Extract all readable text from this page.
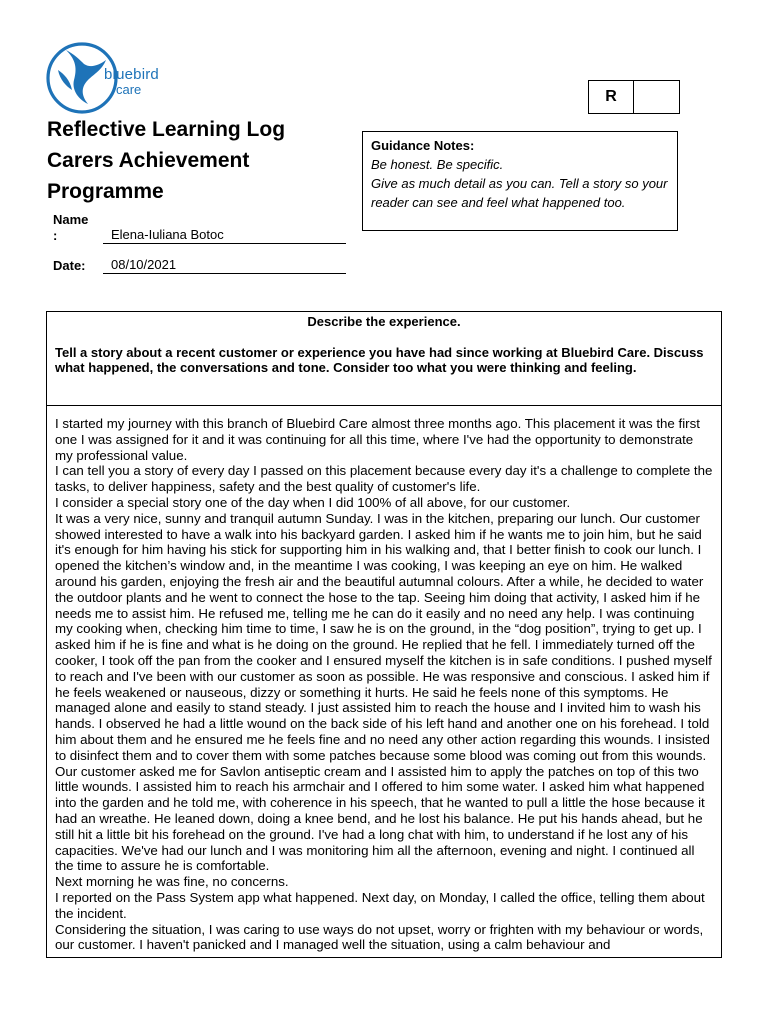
bluebird
care	R
Reflective Learning Log
Carers Achievement
Programme
Guidance Notes:
Be honest. Be specific.
Give as much detail as you can. Tell a story so your reader can see and feel what happened too.
Name
:	Elena-Iuliana Botoc
Date:	08/10/2021
Describe the experience.
Tell a story about a recent customer or experience you have had since working at Bluebird Care. Discuss what happened, the conversations and tone. Consider too what you were thinking and feeling.

I started my journey with this branch of Bluebird Care almost three months ago. This placement it was the first one I was assigned for it and it was continuing for all this time, where I've had the opportunity to demonstrate my professional value.

I can tell you a story of every day I passed on this placement because every day it's a challenge to complete the tasks, to deliver happiness, safety and the best quality of customer's life.

I consider a special story one of the day when I did 100% of all above, for our customer.

It was a very nice, sunny and tranquil autumn Sunday. I was in the kitchen, preparing our lunch. Our customer showed interested to have a walk into his backyard garden. I asked him if he wants me to join him, but he said it's enough for him having his stick for supporting him in his walking and, that I better finish to cook our lunch. I opened the kitchen’s window and, in the meantime I was cooking, I was keeping an eye on him. He walked around his garden, enjoying the fresh air and the beautiful autumnal colours. After a while, he decided to water the outdoor plants and he went to connect the hose to the tap. Seeing him doing that activity, I asked him if he needs me to assist him. He refused me, telling me he can do it easily and no need any help. I was continuing my cooking when, checking him time to time, I saw he is on the ground, in the “dog position”, trying to get up. I asked him if he is fine and what is he doing on the ground. He replied that he fell. I immediately turned off the cooker, I took off the pan from the cooker and I ensured myself the kitchen is in safe conditions. I pushed myself to reach and I've been with our customer as soon as possible. He was responsive and conscious. I asked him if he feels weakened or nauseous, dizzy or something it hurts. He said he feels none of this symptoms. He managed alone and easily to stand steady. I just assisted him to reach the house and I invited him to wash his hands. I observed he had a little wound on the back side of his left hand and another one on his forehead. I told him about them and he ensured me he feels fine and no need any other action regarding this wounds. I insisted to disinfect them and to cover them with some patches because some blood was coming out from this wounds. Our customer asked me for Savlon antiseptic cream and I assisted him to apply the patches on top of this two little wounds. I assisted him to reach his armchair and I offered to him some water. I asked him what happened into the garden and he told me, with coherence in his speech, that he wanted to pull a little the hose because it had an wreathe. He leaned down, doing a knee bend, and he lost his balance. He put his hands ahead, but he still hit a little bit his forehead on the ground. I've had a long chat with him, to understand if he lost any of his capacities. We've had our lunch and I was monitoring him all the afternoon, evening and night. I continued all the time to assure he is comfortable.

Next morning he was fine, no concerns.

I reported on the Pass System app what happened. Next day, on Monday, I called the office, telling them about the incident.

Considering the situation, I was caring to use ways do not upset, worry or frighten with my behaviour or words, our customer. I haven't panicked and I managed well the situation, using a calm behaviour and
